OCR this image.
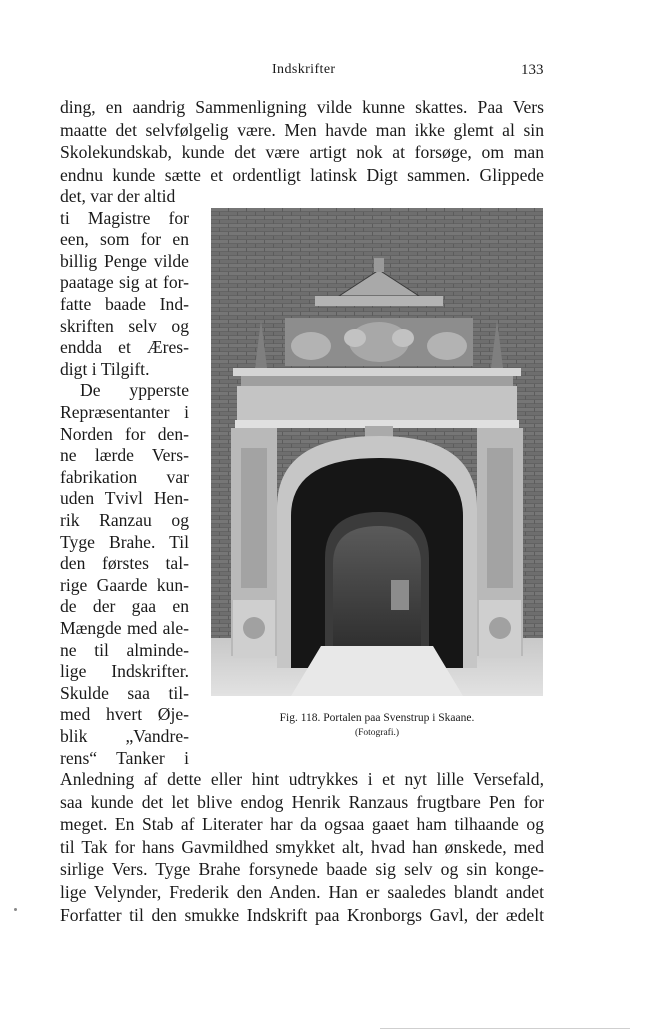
Indskrifter	133
ding, en aandrig Sammenligning vilde kunne skattes. Paa Vers
maatte det selvfølgelig være. Men havde man ikke glemt al sin
Skolekundskab, kunde det være artigt nok at forsøge, om man
endnu kunde sætte et ordentligt latinsk Digt sammen. Glippede
det, var der altid
ti Magistre for
een, som for en
billig Penge vilde
paatage sig at for-
fatte baade Ind-
skriften selv og
endda et Æres-
digt i Tilgift.
De ypperste
Repræsentanter i
Norden for den-
ne lærde Vers-
fabrikation var
uden Tvivl Hen-
rik Ranzau og
Tyge Brahe. Til
den førstes tal-
rige Gaarde kun-
de der gaa en
Mængde med ale-
ne til alminde-
lige Indskrifter.
Skulde saa til-
med hvert Øje-
blik „Vandre-
rens“ Tanker i
Anledning af dette eller hint udtrykkes i et nyt lille Versefald,
saa kunde det let blive endog Henrik Ranzaus frugtbare Pen for
meget. En Stab af Literater har da ogsaa gaaet ham tilhaande og
til Tak for hans Gavmildhed smykket alt, hvad han ønskede, med
sirlige Vers. Tyge Brahe forsynede baade sig selv og sin konge-
lige Velynder, Frederik den Anden. Han er saaledes blandt andet
Forfatter til den smukke Indskrift paa Kronborgs Gavl, der ædelt
Fig. 118. Portalen paa Svenstrup i Skaane.
(Fotografi.)
